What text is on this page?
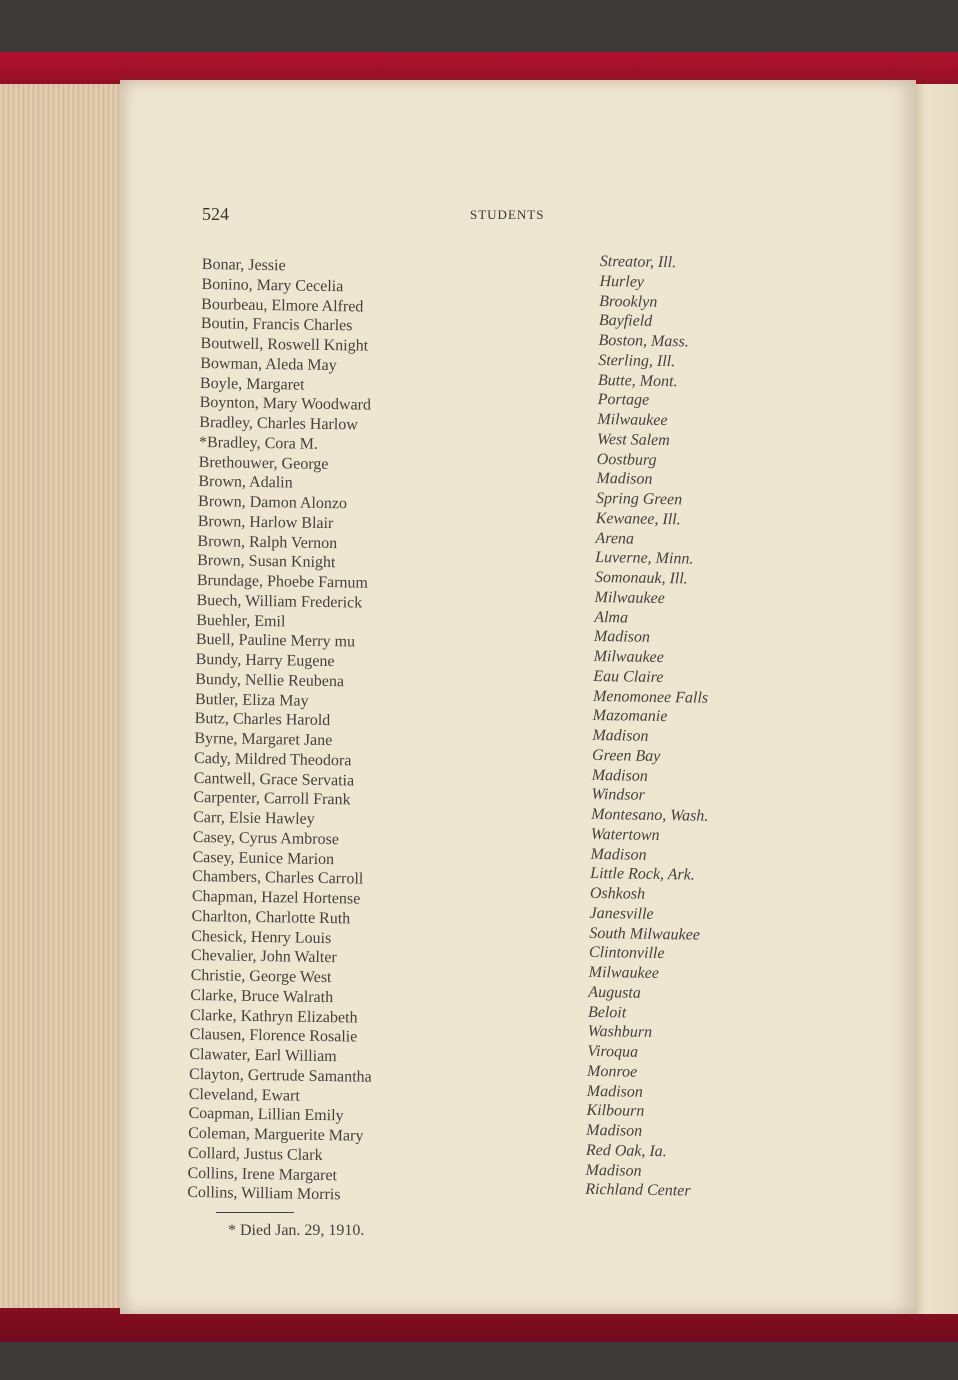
524	STUDENTS
Bonar, Jessie
Bonino, Mary Cecelia
Bourbeau, Elmore Alfred
Boutin, Francis Charles
Boutwell, Roswell Knight
Bowman, Aleda May
Boyle, Margaret
Boynton, Mary Woodward
Bradley, Charles Harlow
*Bradley, Cora M.
Brethouwer, George
Brown, Adalin
Brown, Damon Alonzo
Brown, Harlow Blair
Brown, Ralph Vernon
Brown, Susan Knight
Brundage, Phoebe Farnum
Buech, William Frederick
Buehler, Emil
Buell, Pauline Merry mu
Bundy, Harry Eugene
Bundy, Nellie Reubena
Butler, Eliza May
Butz, Charles Harold
Byrne, Margaret Jane
Cady, Mildred Theodora
Cantwell, Grace Servatia
Carpenter, Carroll Frank
Carr, Elsie Hawley
Casey, Cyrus Ambrose
Casey, Eunice Marion
Chambers, Charles Carroll
Chapman, Hazel Hortense
Charlton, Charlotte Ruth
Chesick, Henry Louis
Chevalier, John Walter
Christie, George West
Clarke, Bruce Walrath
Clarke, Kathryn Elizabeth
Clausen, Florence Rosalie
Clawater, Earl William
Clayton, Gertrude Samantha
Cleveland, Ewart
Coapman, Lillian Emily
Coleman, Marguerite Mary
Collard, Justus Clark
Collins, Irene Margaret
Collins, William Morris
Streator, Ill.
Hurley
Brooklyn
Bayfield
Boston, Mass.
Sterling, Ill.
Butte, Mont.
Portage
Milwaukee
West Salem
Oostburg
Madison
Spring Green
Kewanee, Ill.
Arena
Luverne, Minn.
Somonauk, Ill.
Milwaukee
Alma
Madison
Milwaukee
Eau Claire
Menomonee Falls
Mazomanie
Madison
Green Bay
Madison
Windsor
Montesano, Wash.
Watertown
Madison
Little Rock, Ark.
Oshkosh
Janesville
South Milwaukee
Clintonville
Milwaukee
Augusta
Beloit
Washburn
Viroqua
Monroe
Madison
Kilbourn
Madison
Red Oak, Ia.
Madison
Richland Center
* Died Jan. 29, 1910.
